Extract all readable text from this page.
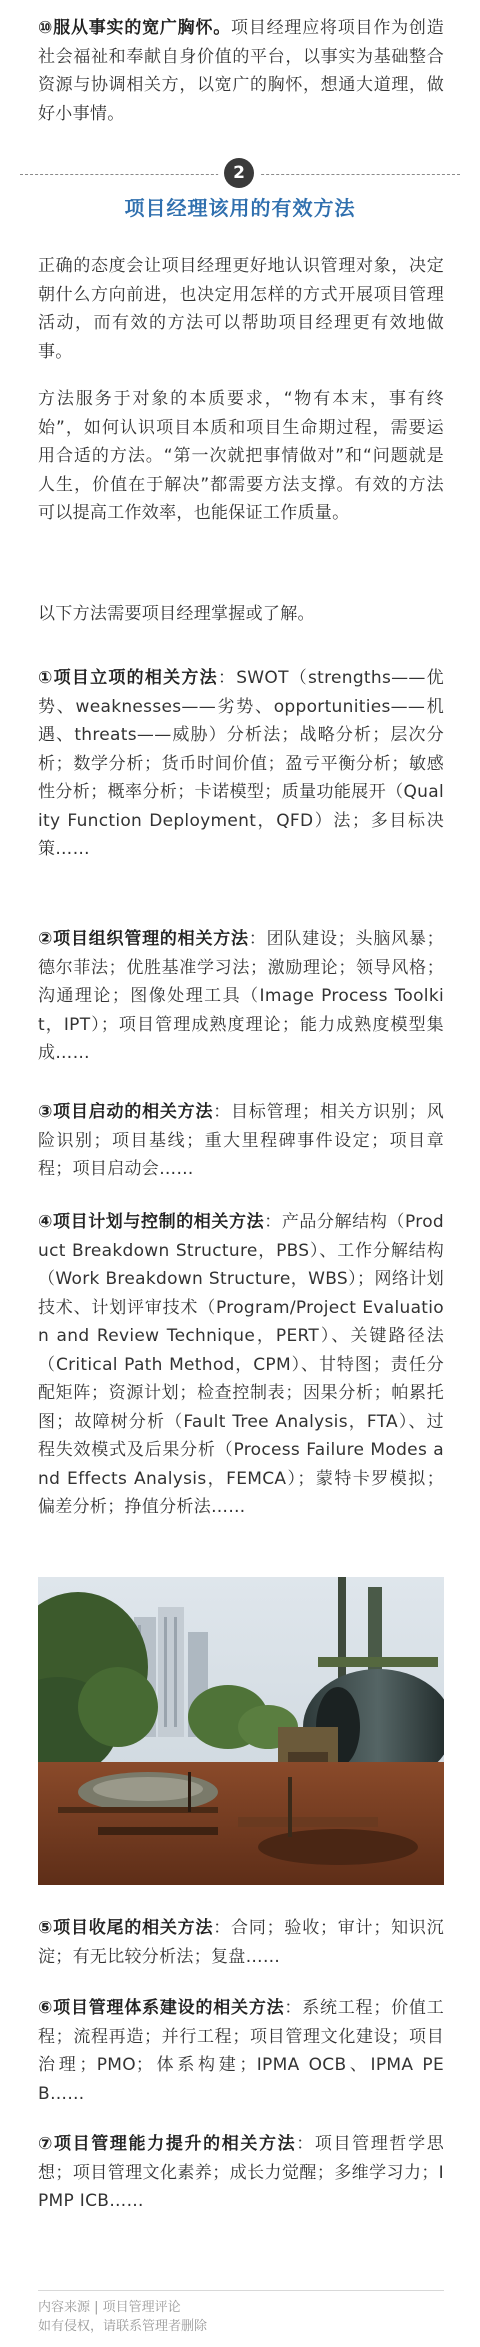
⑩服从事实的宽广胸怀。项目经理应将项目作为创造社会福祉和奉献自身价值的平台，以事实为基础整合资源与协调相关方，以宽广的胸怀，想通大道理，做好小事情。

2
项目经理该用的有效方法

正确的态度会让项目经理更好地认识管理对象，决定朝什么方向前进，也决定用怎样的方式开展项目管理活动，而有效的方法可以帮助项目经理更有效地做事。

方法服务于对象的本质要求，“物有本末，事有终始”，如何认识项目本质和项目生命期过程，需要运用合适的方法。“第一次就把事情做对”和“问题就是人生，价值在于解决”都需要方法支撑。有效的方法可以提高工作效率，也能保证工作质量。

以下方法需要项目经理掌握或了解。

①项目立项的相关方法：SWOT（strengths——优势、weaknesses——劣势、opportunities——机遇、threats——威胁）分析法；战略分析；层次分析；数学分析；货币时间价值；盈亏平衡分析；敏感性分析；概率分析；卡诺模型；质量功能展开（Quality Function Deployment，QFD）法；多目标决策……

②项目组织管理的相关方法：团队建设；头脑风暴；德尔菲法；优胜基准学习法；激励理论；领导风格；沟通理论；图像处理工具（Image Process Toolkit，IPT）；项目管理成熟度理论；能力成熟度模型集成……

③项目启动的相关方法：目标管理；相关方识别；风险识别；项目基线；重大里程碑事件设定；项目章程；项目启动会……

④项目计划与控制的相关方法：产品分解结构（Product Breakdown Structure，PBS）、工作分解结构（Work Breakdown Structure，WBS）；网络计划技术、计划评审技术（Program/Project Evaluation and Review Technique，PERT）、关键路径法（Critical Path Method，CPM）、甘特图；责任分配矩阵；资源计划；检查控制表；因果分析；帕累托图；故障树分析（Fault Tree Analysis，FTA）、过程失效模式及后果分析（Process Failure Modes and Effects Analysis，FEMCA）；蒙特卡罗模拟；偏差分析；挣值分析法……

⑤项目收尾的相关方法：合同；验收；审计；知识沉淀；有无比较分析法；复盘……

⑥项目管理体系建设的相关方法：系统工程；价值工程；流程再造；并行工程；项目管理文化建设；项目治理；PMO；体系构建；IPMA OCB、IPMA PEB……

⑦项目管理能力提升的相关方法：项目管理哲学思想；项目管理文化素养；成长力觉醒；多维学习力；IPMP ICB……

内容来源 | 项目管理评论
如有侵权，请联系管理者删除
